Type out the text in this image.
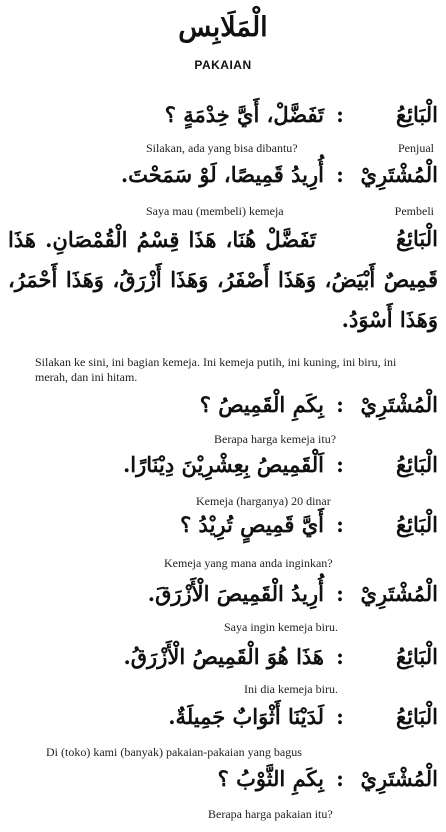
الْمَلَابِس
PAKAIAN
الْبَائِعُ
:
تَفَضَّلْ، أَيَّ خِدْمَةٍ ؟
Silakan, ada yang bisa dibantu?	Penjual
الْمُشْتَرِيْ
:
أُرِيدُ قَمِيصًا، لَوْ سَمَحْتَ.
Saya mau (membeli) kemeja	Pembeli
الْبَائِعُ
تَفَضَّلْ هُنَا، هَذَا قِسْمُ الْقُمْصَانِ. هَذَا قَمِيصٌ أَبْيَضُ، وَهَذَا أَصْفَرُ، وَهَذَا أَزْرَقُ، وَهَذَا أَحْمَرُ، وَهَذَا أَسْوَدُ.
Silakan ke sini, ini bagian kemeja. Ini kemeja putih, ini kuning, ini biru, ini merah, dan ini hitam.
الْمُشْتَرِيْ
:
بِكَمِ الْقَمِيصُ ؟
Berapa harga kemeja itu?
الْبَائِعُ
:
اَلْقَمِيصُ بِعِشْرِيْنَ دِيْنَارًا.
Kemeja (harganya) 20 dinar
الْبَائِعُ
:
أَيَّ قَمِيصٍ تُرِيْدُ ؟
Kemeja yang mana anda inginkan?
الْمُشْتَرِيْ
:
أُرِيدُ الْقَمِيصَ الْأَزْرَقَ.
Saya ingin kemeja biru.
الْبَائِعُ
:
هَذَا هُوَ الْقَمِيصُ الْأَزْرَقُ.
Ini dia kemeja biru.
الْبَائِعُ
:
لَدَيْنَا أَثْوَابٌ جَمِيلَةٌ.
Di (toko) kami (banyak) pakaian-pakaian yang bagus
الْمُشْتَرِيْ
:
بِكَمِ الثَّوْبُ ؟
Berapa harga pakaian itu?
